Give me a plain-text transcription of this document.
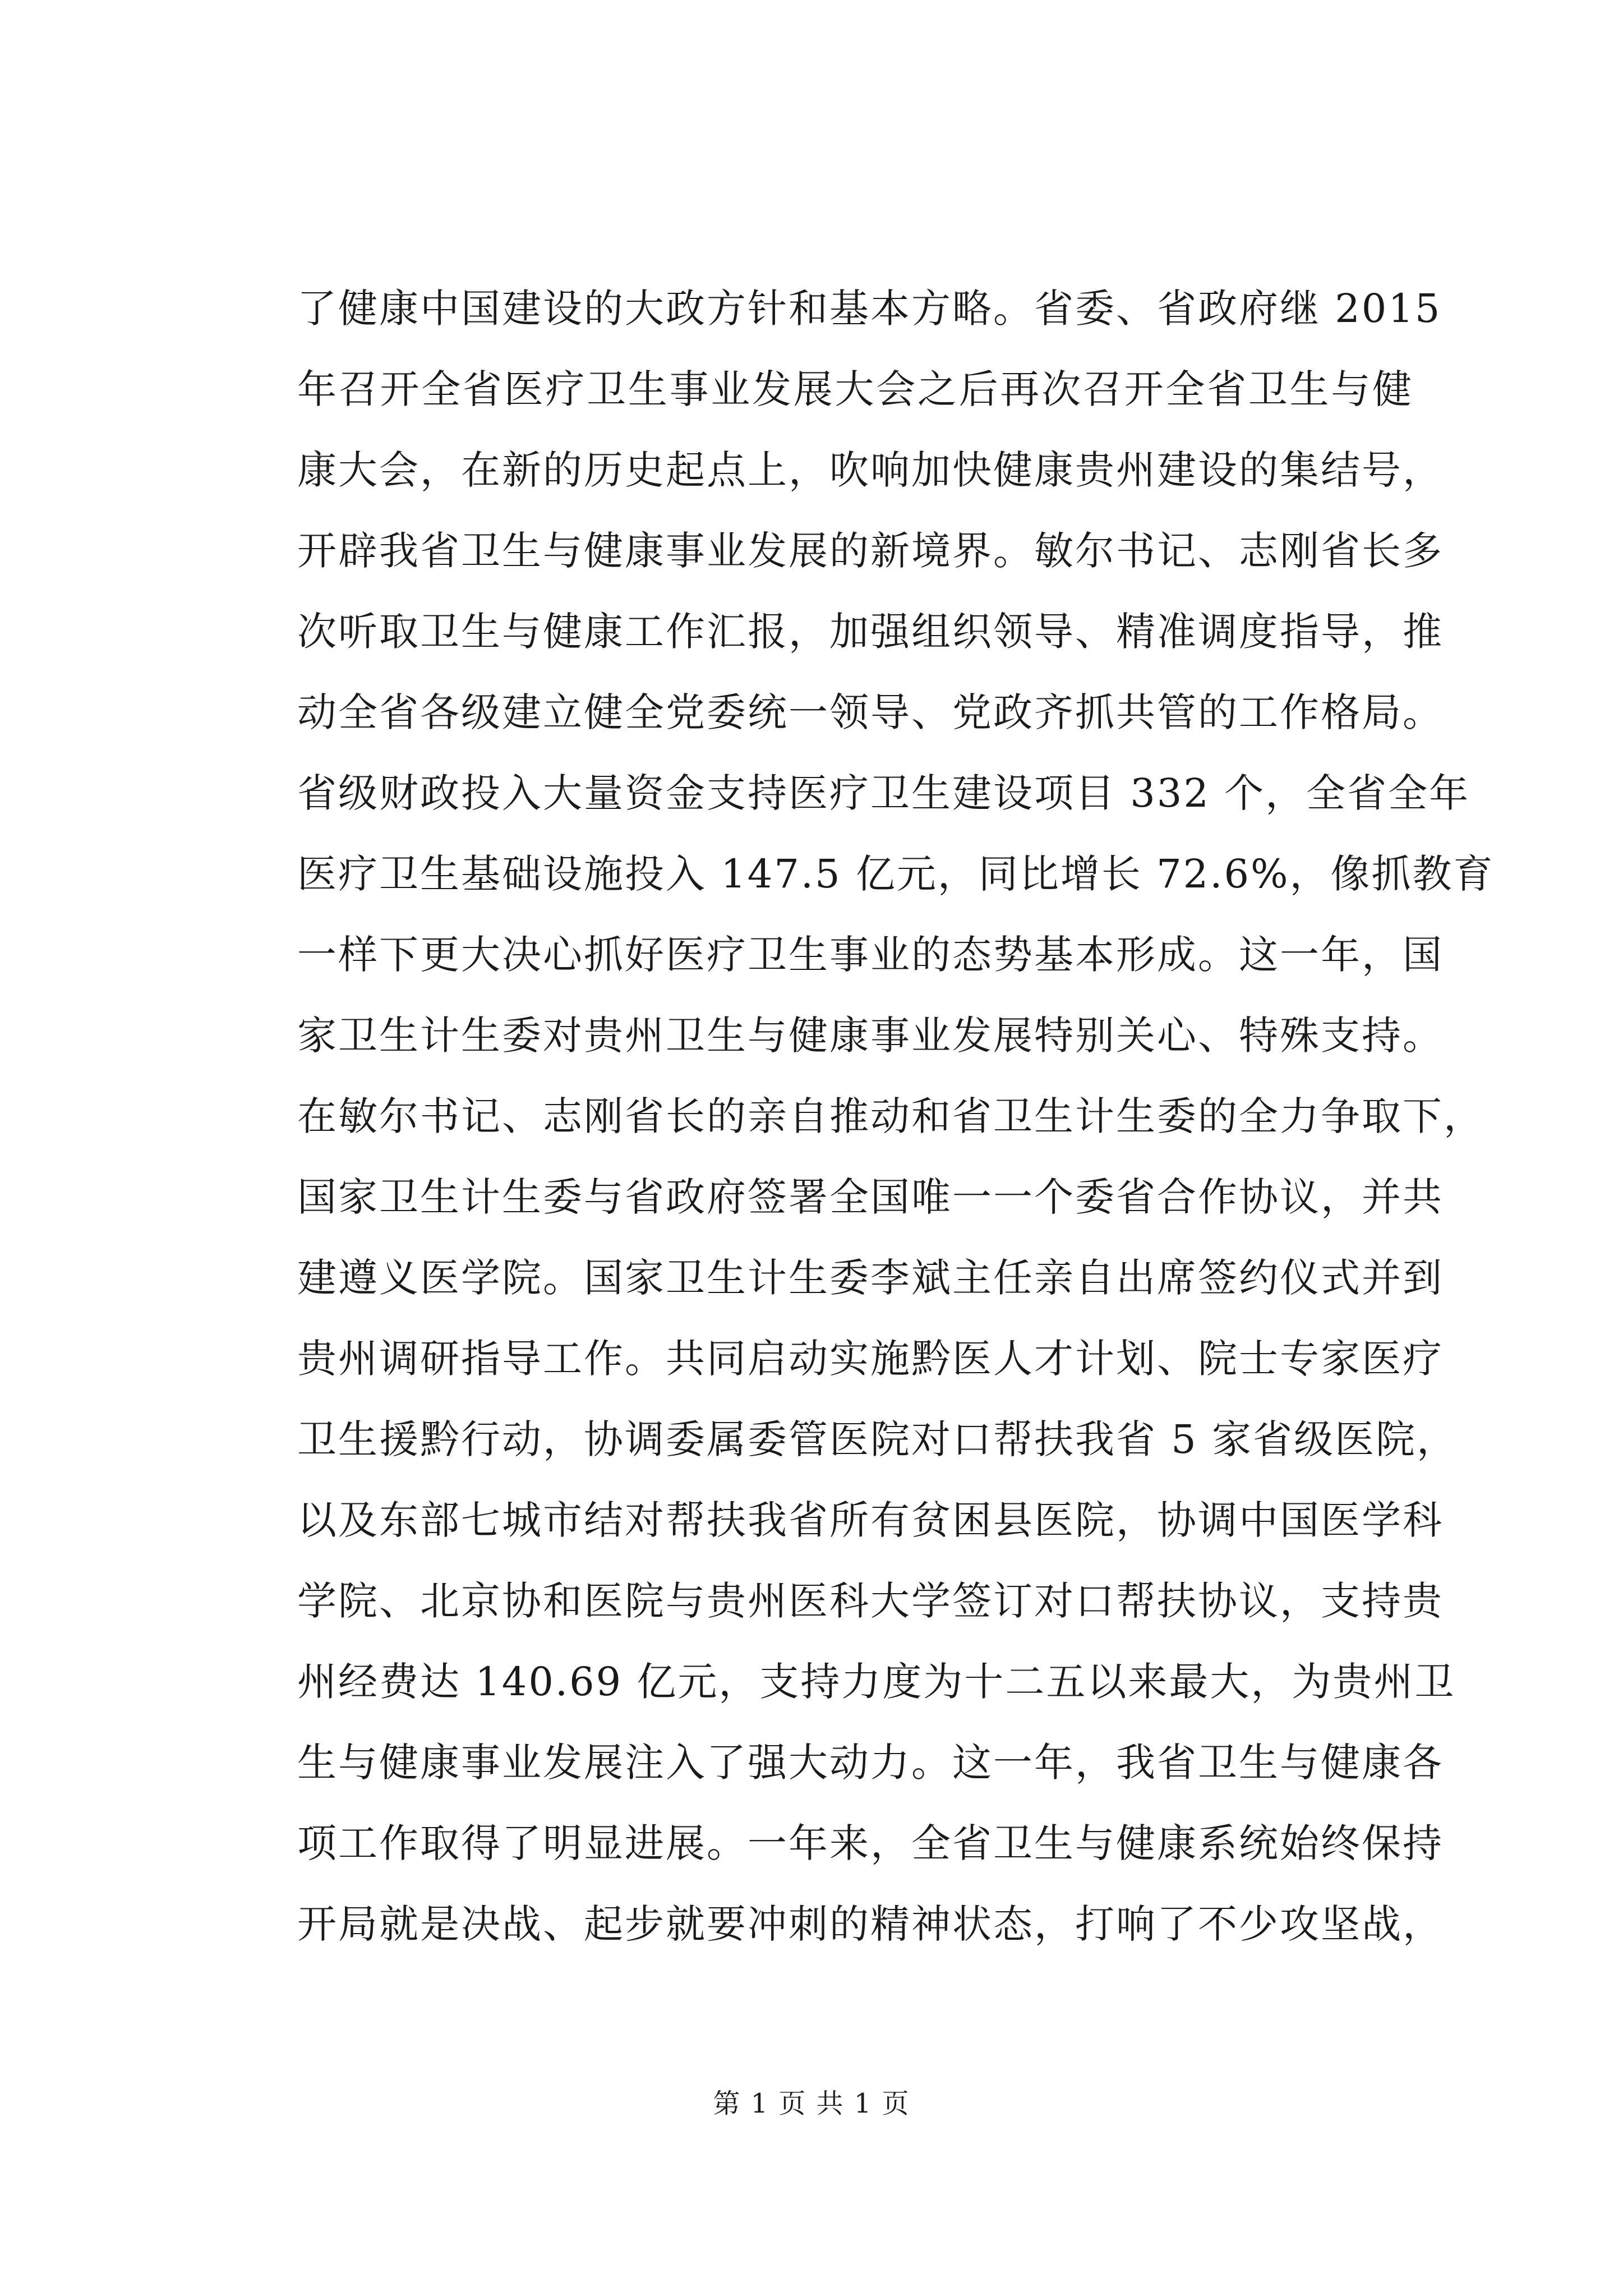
了健康中国建设的大政方针和基本方略。省委、省政府继 2015
年召开全省医疗卫生事业发展大会之后再次召开全省卫生与健
康大会，在新的历史起点上，吹响加快健康贵州建设的集结号，
开辟我省卫生与健康事业发展的新境界。敏尔书记、志刚省长多
次听取卫生与健康工作汇报，加强组织领导、精准调度指导，推
动全省各级建立健全党委统一领导、党政齐抓共管的工作格局。
省级财政投入大量资金支持医疗卫生建设项目 332 个，全省全年
医疗卫生基础设施投入 147.5 亿元，同比增长 72.6%，像抓教育
一样下更大决心抓好医疗卫生事业的态势基本形成。这一年，国
家卫生计生委对贵州卫生与健康事业发展特别关心、特殊支持。
在敏尔书记、志刚省长的亲自推动和省卫生计生委的全力争取下，
国家卫生计生委与省政府签署全国唯一一个委省合作协议，并共
建遵义医学院。国家卫生计生委李斌主任亲自出席签约仪式并到
贵州调研指导工作。共同启动实施黔医人才计划、院士专家医疗
卫生援黔行动，协调委属委管医院对口帮扶我省 5 家省级医院，
以及东部七城市结对帮扶我省所有贫困县医院，协调中国医学科
学院、北京协和医院与贵州医科大学签订对口帮扶协议，支持贵
州经费达 140.69 亿元，支持力度为十二五以来最大，为贵州卫
生与健康事业发展注入了强大动力。这一年，我省卫生与健康各
项工作取得了明显进展。一年来，全省卫生与健康系统始终保持
开局就是决战、起步就要冲刺的精神状态，打响了不少攻坚战，
第 1 页 共 1 页
